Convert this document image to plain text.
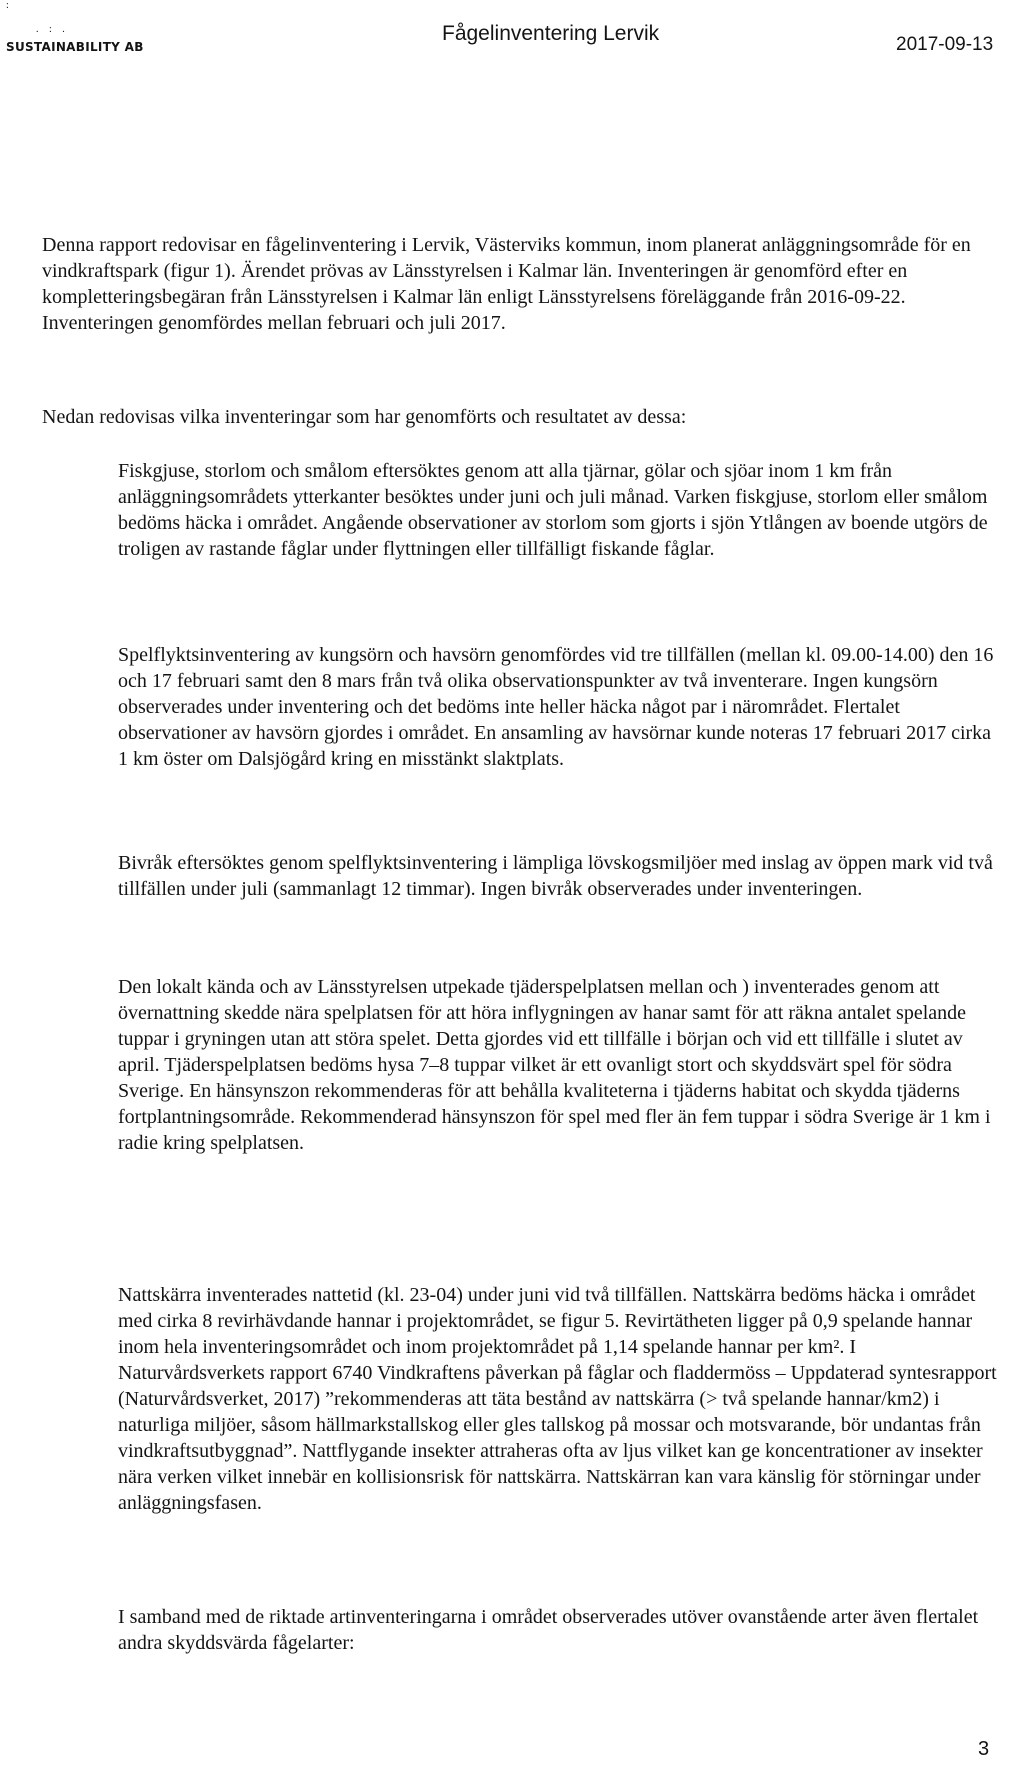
:
. : .
SUSTAINABILITY AB
Fågelinventering Lervik	2017-09-13

Denna rapport redovisar en fågelinventering i Lervik, Västerviks kommun, inom planerat anläggningsområde för en vindkraftspark (figur 1). Ärendet prövas av Länsstyrelsen i Kalmar län. Inventeringen är genomförd efter en kompletteringsbegäran från Länsstyrelsen i Kalmar län enligt Länsstyrelsens föreläggande från 2016-09-22. Inventeringen genomfördes mellan februari och juli 2017.

Nedan redovisas vilka inventeringar som har genomförts och resultatet av dessa:

Fiskgjuse, storlom och smålom eftersöktes genom att alla tjärnar, gölar och sjöar inom 1 km från anläggningsområdets ytterkanter besöktes under juni och juli månad. Varken fiskgjuse, storlom eller smålom bedöms häcka i området. Angående observationer av storlom som gjorts i sjön Ytlången av boende utgörs de troligen av rastande fåglar under flyttningen eller tillfälligt fiskande fåglar.

Spelflyktsinventering av kungsörn och havsörn genomfördes vid tre tillfällen (mellan kl. 09.00-14.00) den 16 och 17 februari samt den 8 mars från två olika observationspunkter av två inventerare. Ingen kungsörn observerades under inventering och det bedöms inte heller häcka något par i närområdet. Flertalet observationer av havsörn gjordes i området. En ansamling av havsörnar kunde noteras 17 februari 2017 cirka 1 km öster om Dalsjögård kring en misstänkt slaktplats.

Bivråk eftersöktes genom spelflyktsinventering i lämpliga lövskogsmiljöer med inslag av öppen mark vid två tillfällen under juli (sammanlagt 12 timmar). Ingen bivråk observerades under inventeringen.

Den lokalt kända och av Länsstyrelsen utpekade tjäderspelplatsen mellan och ) inventerades genom att övernattning skedde nära spelplatsen för att höra inflygningen av hanar samt för att räkna antalet spelande tuppar i gryningen utan att störa spelet. Detta gjordes vid ett tillfälle i början och vid ett tillfälle i slutet av april. Tjäderspelplatsen bedöms hysa 7–8 tuppar vilket är ett ovanligt stort och skyddsvärt spel för södra Sverige. En hänsynszon rekommenderas för att behålla kvaliteterna i tjäderns habitat och skydda tjäderns fortplantningsområde. Rekommenderad hänsynszon för spel med fler än fem tuppar i södra Sverige är 1 km i radie kring spelplatsen.

Nattskärra inventerades nattetid (kl. 23-04) under juni vid två tillfällen. Nattskärra bedöms häcka i området med cirka 8 revirhävdande hannar i projektområdet, se figur 5. Revirtätheten ligger på 0,9 spelande hannar inom hela inventeringsområdet och inom projektområdet på 1,14 spelande hannar per km². I Naturvårdsverkets rapport 6740 Vindkraftens påverkan på fåglar och fladdermöss – Uppdaterad syntesrapport (Naturvårdsverket, 2017) ”rekommenderas att täta bestånd av nattskärra (> två spelande hannar/km2) i naturliga miljöer, såsom hällmarkstallskog eller gles tallskog på mossar och motsvarande, bör undantas från vindkraftsutbyggnad”. Nattflygande insekter attraheras ofta av ljus vilket kan ge koncentrationer av insekter nära verken vilket innebär en kollisionsrisk för nattskärra. Nattskärran kan vara känslig för störningar under anläggningsfasen.

I samband med de riktade artinventeringarna i området observerades utöver ovanstående arter även flertalet andra skyddsvärda fågelarter:

3
